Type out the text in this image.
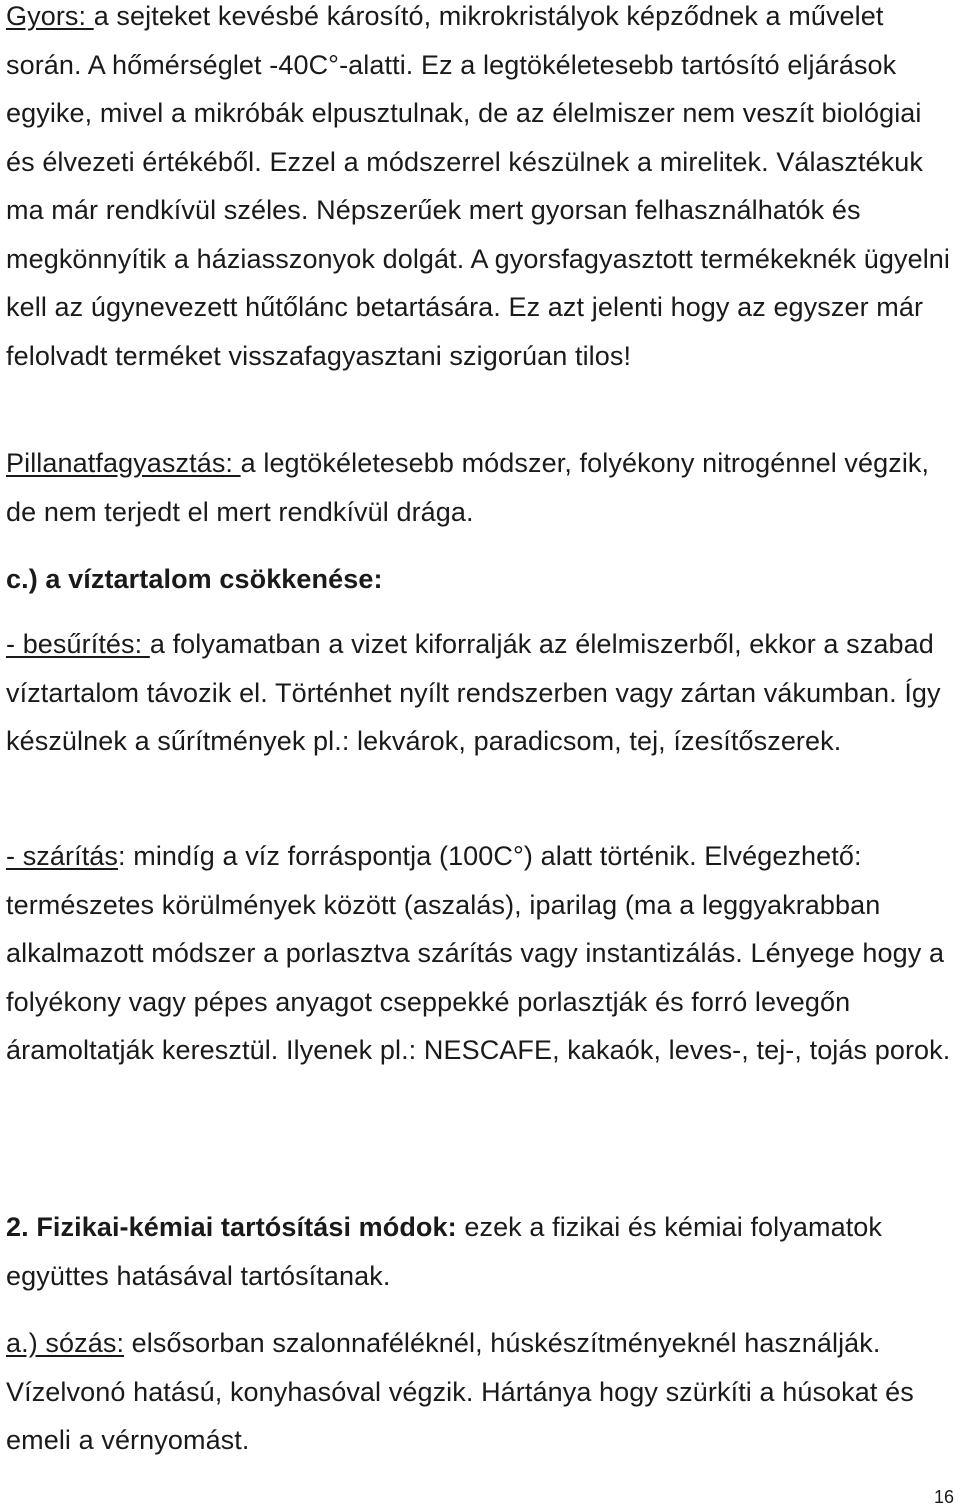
Gyors: a sejteket kevésbé károsító, mikrokristályok képződnek a művelet során. A hőmérséglet -40C°-alatti. Ez a legtökéletesebb tartósító eljárások egyike, mivel a mikróbák elpusztulnak, de az élelmiszer nem veszít biológiai és élvezeti értékéből. Ezzel a módszerrel készülnek a mirelitek. Választékuk ma már rendkívül széles. Népszerűek mert gyorsan felhasználhatók és megkönnyítik a háziasszonyok dolgát. A gyorsfagyasztott termékeknék ügyelni kell az úgynevezett hűtőlánc betartására. Ez azt jelenti hogy az egyszer már felolvadt terméket visszafagyasztani szigorúan tilos!

Pillanatfagyasztás: a legtökéletesebb módszer, folyékony nitrogénnel végzik, de nem terjedt el mert rendkívül drága.

c.) a víztartalom csökkenése:

- besűrítés: a folyamatban a vizet kiforralják az élelmiszerből, ekkor a szabad víztartalom távozik el. Történhet nyílt rendszerben vagy zártan vákumban. Így készülnek a sűrítmények pl.: lekvárok, paradicsom, tej, ízesítőszerek.

- szárítás: mindíg a víz forráspontja (100C°) alatt történik. Elvégezhető: természetes körülmények között (aszalás), iparilag (ma a leggyakrabban alkalmazott módszer a porlasztva szárítás vagy instantizálás. Lényege hogy a folyékony vagy pépes anyagot cseppekké porlasztják és forró levegőn áramoltatják keresztül. Ilyenek pl.: NESCAFE, kakaók, leves-, tej-, tojás porok.

2. Fizikai-kémiai tartósítási módok: ezek a fizikai és kémiai folyamatok együttes hatásával tartósítanak.

a.) sózás: elsősorban szalonnaféléknél, húskészítményeknél használják. Vízelvonó hatású, konyhasóval végzik. Hártánya hogy szürkíti a húsokat és emeli a vérnyomást.

16
